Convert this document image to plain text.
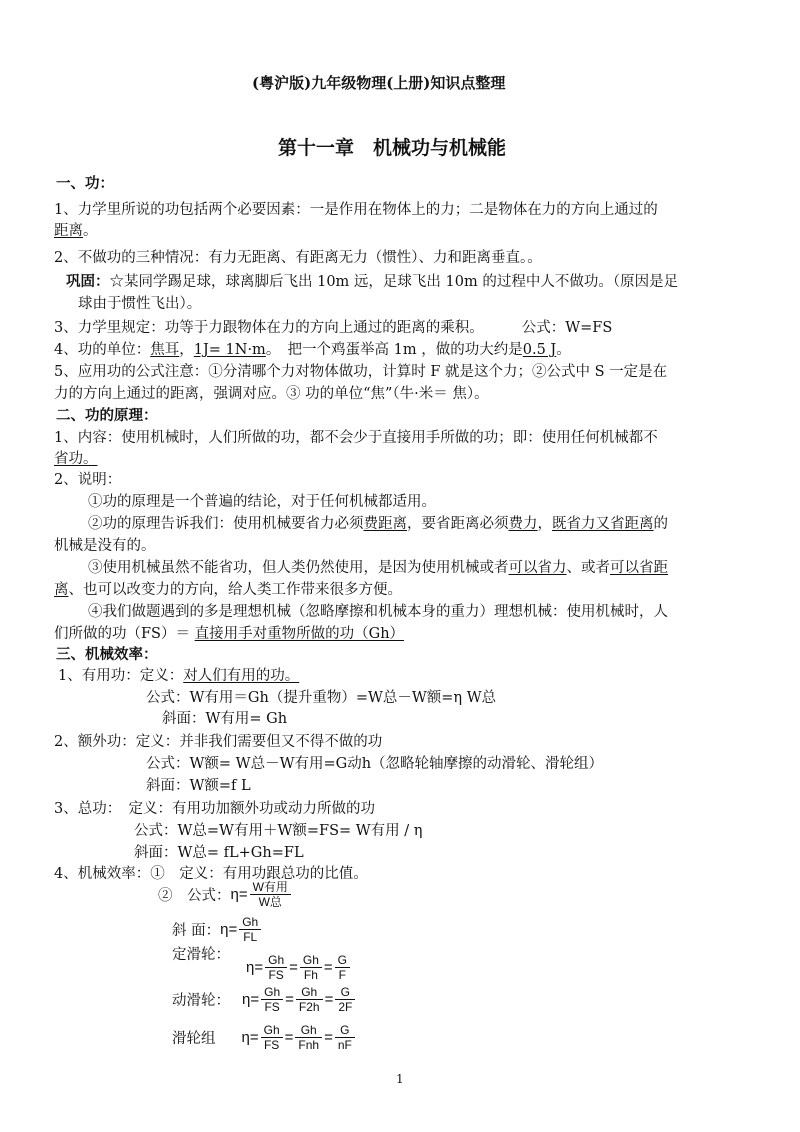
(粤沪版)九年级物理(上册)知识点整理
第十一章　机械功与机械能
一、功：
1、力学里所说的功包括两个必要因素：一是作用在物体上的力；二是物体在力的方向上通过的
距离。
2、不做功的三种情况：有力无距离、有距离无力（惯性）、力和距离垂直。。
巩固：☆某同学踢足球，球离脚后飞出 10m 远，足球飞出 10m 的过程中人不做功。（原因是足
球由于惯性飞出）。
3、力学里规定：功等于力跟物体在力的方向上通过的距离的乘积。	公式：W=FS
4、功的单位：焦耳，1J= 1N·m。　把一个鸡蛋举高 1m ，做的功大约是0.5 J。
5、应用功的公式注意：①分清哪个力对物体做功，计算时 F 就是这个力；②公式中 S 一定是在
力的方向上通过的距离，强调对应。③ 功的单位“焦”（牛·米＝ 焦）。
二、功的原理：
1、内容：使用机械时，人们所做的功，都不会少于直接用手所做的功；即：使用任何机械都不
省功。
2、说明：
①功的原理是一个普遍的结论，对于任何机械都适用。
②功的原理告诉我们：使用机械要省力必须费距离，要省距离必须费力，既省力又省距离的
机械是没有的。
③使用机械虽然不能省功，但人类仍然使用，是因为使用机械或者可以省力、或者可以省距
离、也可以改变力的方向，给人类工作带来很多方便。
④我们做题遇到的多是理想机械（忽略摩擦和机械本身的重力）理想机械：使用机械时，人
们所做的功（FS）＝ 直接用手对重物所做的功（Gh）
三、机械效率：
1、有用功：定义：对人们有用的功。
公式：W有用＝Gh（提升重物）=W总－W额=η W总
斜面：W有用= Gh
2、额外功：定义：并非我们需要但又不得不做的功
公式：W额= W总－W有用=G动h（忽略轮轴摩擦的动滑轮、滑轮组）
斜面：W额=f L
3、总功：　定义：有用功加额外功或动力所做的功
公式：W总=W有用＋W额=FS= W有用 / η
斜面：W总= fL+Gh=FL
4、机械效率：①　定义：有用功跟总功的比值。
②　公式：$\eta= \frac{\text{W有用}}{\text{W总}}$
斜 面：$\eta= \frac{Gh}{FL}$
定滑轮：
$\eta= \frac{Gh}{FS} = \frac{Gh}{Fh} = \frac{G}{F}$
动滑轮： $\eta= \frac{Gh}{FS} = \frac{Gh}{F2h} = \frac{G}{2F}$
滑轮组 $\eta= \frac{Gh}{FS} = \frac{Gh}{\text{Fnh}} = \frac{G}{nF}$
1
